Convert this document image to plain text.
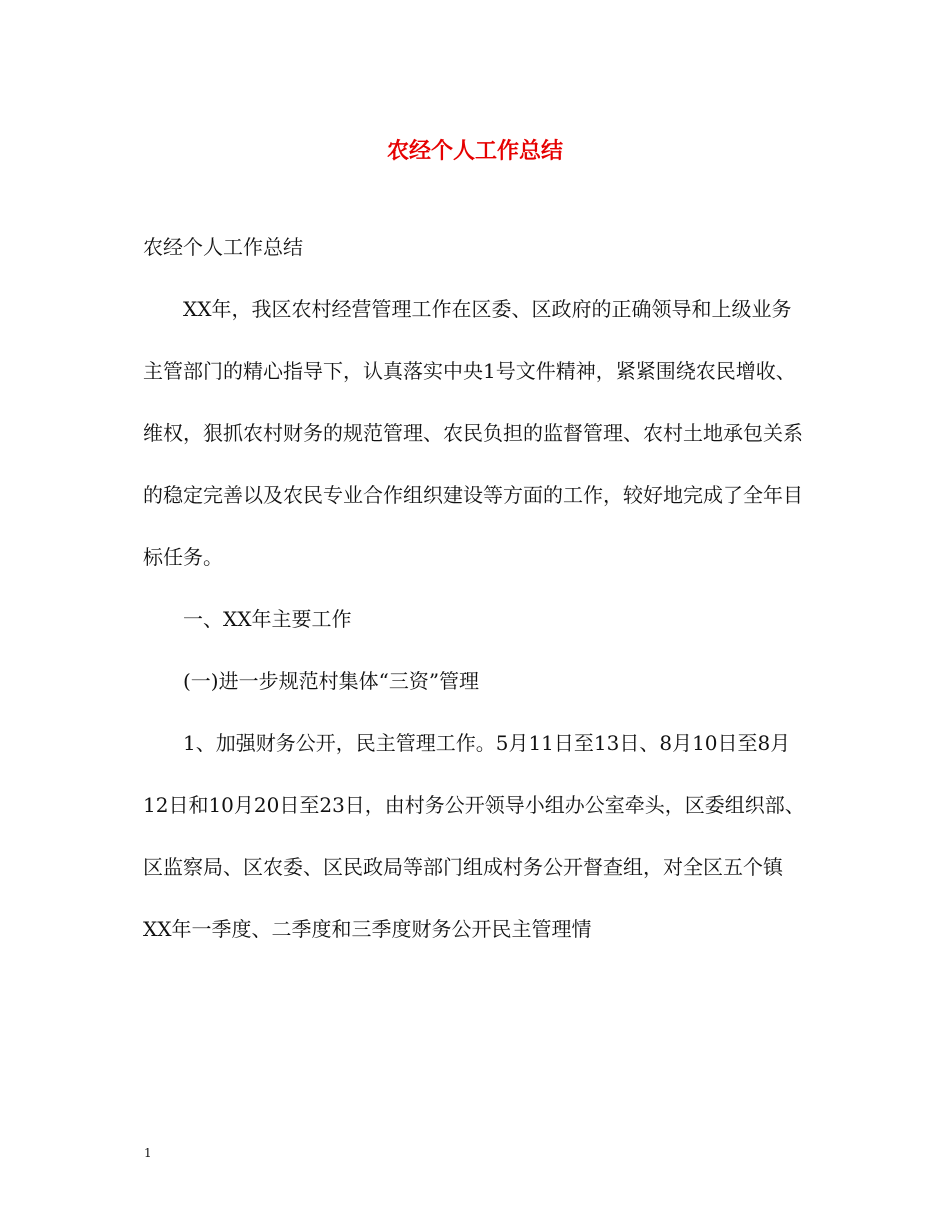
农经个人工作总结

农经个人工作总结

XX年，我区农村经营管理工作在区委、区政府的正确领导和上级业务主管部门的精心指导下，认真落实中央1号文件精神，紧紧围绕农民增收、维权，狠抓农村财务的规范管理、农民负担的监督管理、农村土地承包关系的稳定完善以及农民专业合作组织建设等方面的工作，较好地完成了全年目标任务。

一、XX年主要工作

(一)进一步规范村集体“三资”管理

1、加强财务公开，民主管理工作。5月11日至13日、8月10日至8月12日和10月20日至23日，由村务公开领导小组办公室牵头，区委组织部、区监察局、区农委、区民政局等部门组成村务公开督查组，对全区五个镇XX年一季度、二季度和三季度财务公开民主管理情

1
